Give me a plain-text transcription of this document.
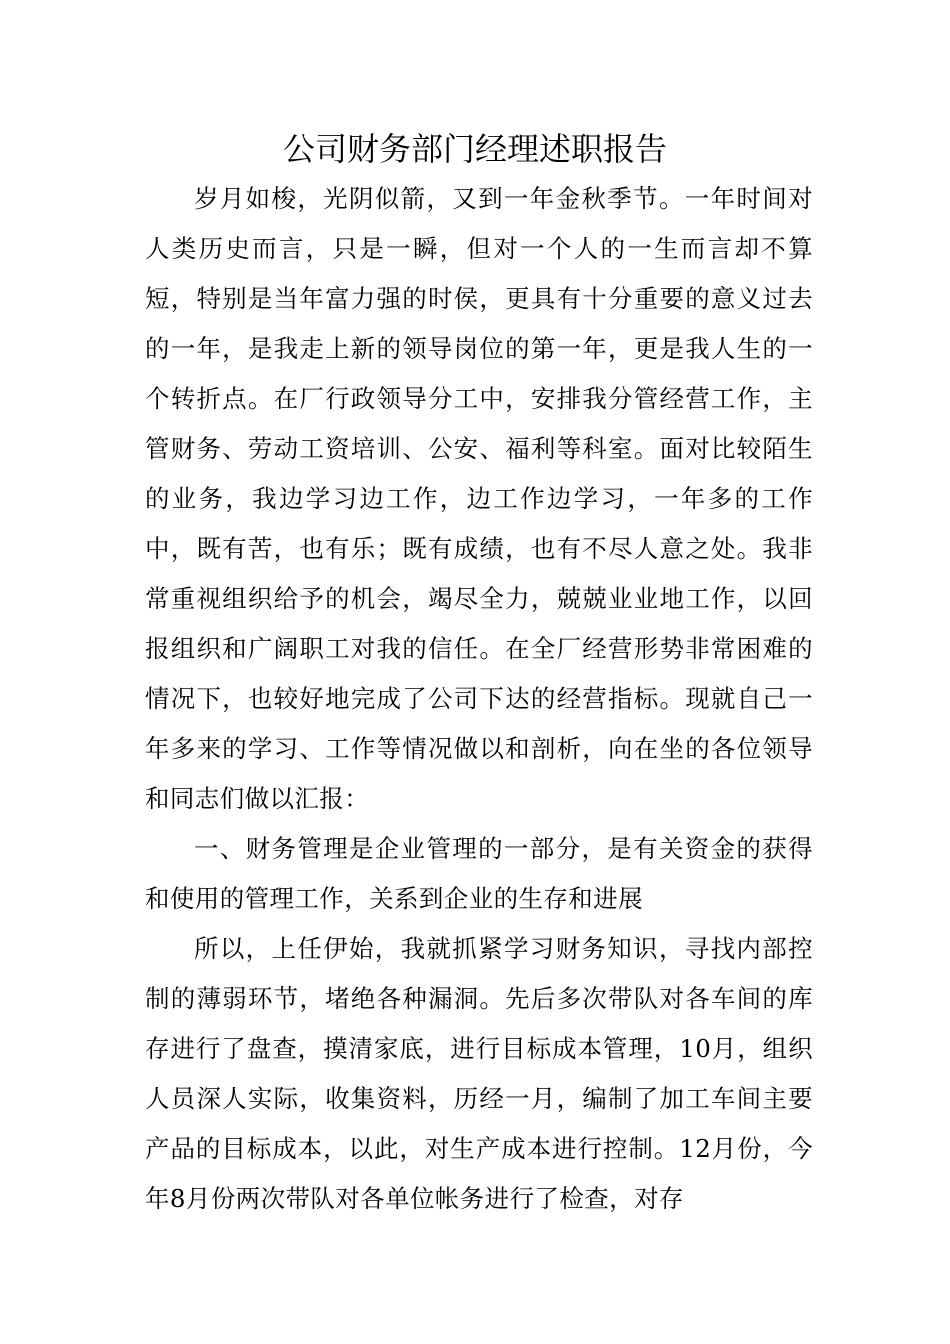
公司财务部门经理述职报告

岁月如梭，光阴似箭，又到一年金秋季节。一年时间对人类历史而言，只是一瞬，但对一个人的一生而言却不算短，特别是当年富力强的时侯，更具有十分重要的意义过去的一年，是我走上新的领导岗位的第一年，更是我人生的一个转折点。在厂行政领导分工中，安排我分管经营工作，主管财务、劳动工资培训、公安、福利等科室。面对比较陌生的业务，我边学习边工作，边工作边学习，一年多的工作中，既有苦，也有乐；既有成绩，也有不尽人意之处。我非常重视组织给予的机会，竭尽全力，兢兢业业地工作，以回报组织和广阔职工对我的信任。在全厂经营形势非常困难的情况下，也较好地完成了公司下达的经营指标。现就自己一年多来的学习、工作等情况做以和剖析，向在坐的各位领导和同志们做以汇报：

一、财务管理是企业管理的一部分，是有关资金的获得和使用的管理工作，关系到企业的生存和进展

所以，上任伊始，我就抓紧学习财务知识，寻找内部控制的薄弱环节，堵绝各种漏洞。先后多次带队对各车间的库存进行了盘查，摸清家底，进行目标成本管理，10月，组织人员深人实际，收集资料，历经一月，编制了加工车间主要产品的目标成本，以此，对生产成本进行控制。12月份，今年8月份两次带队对各单位帐务进行了检查，对存
